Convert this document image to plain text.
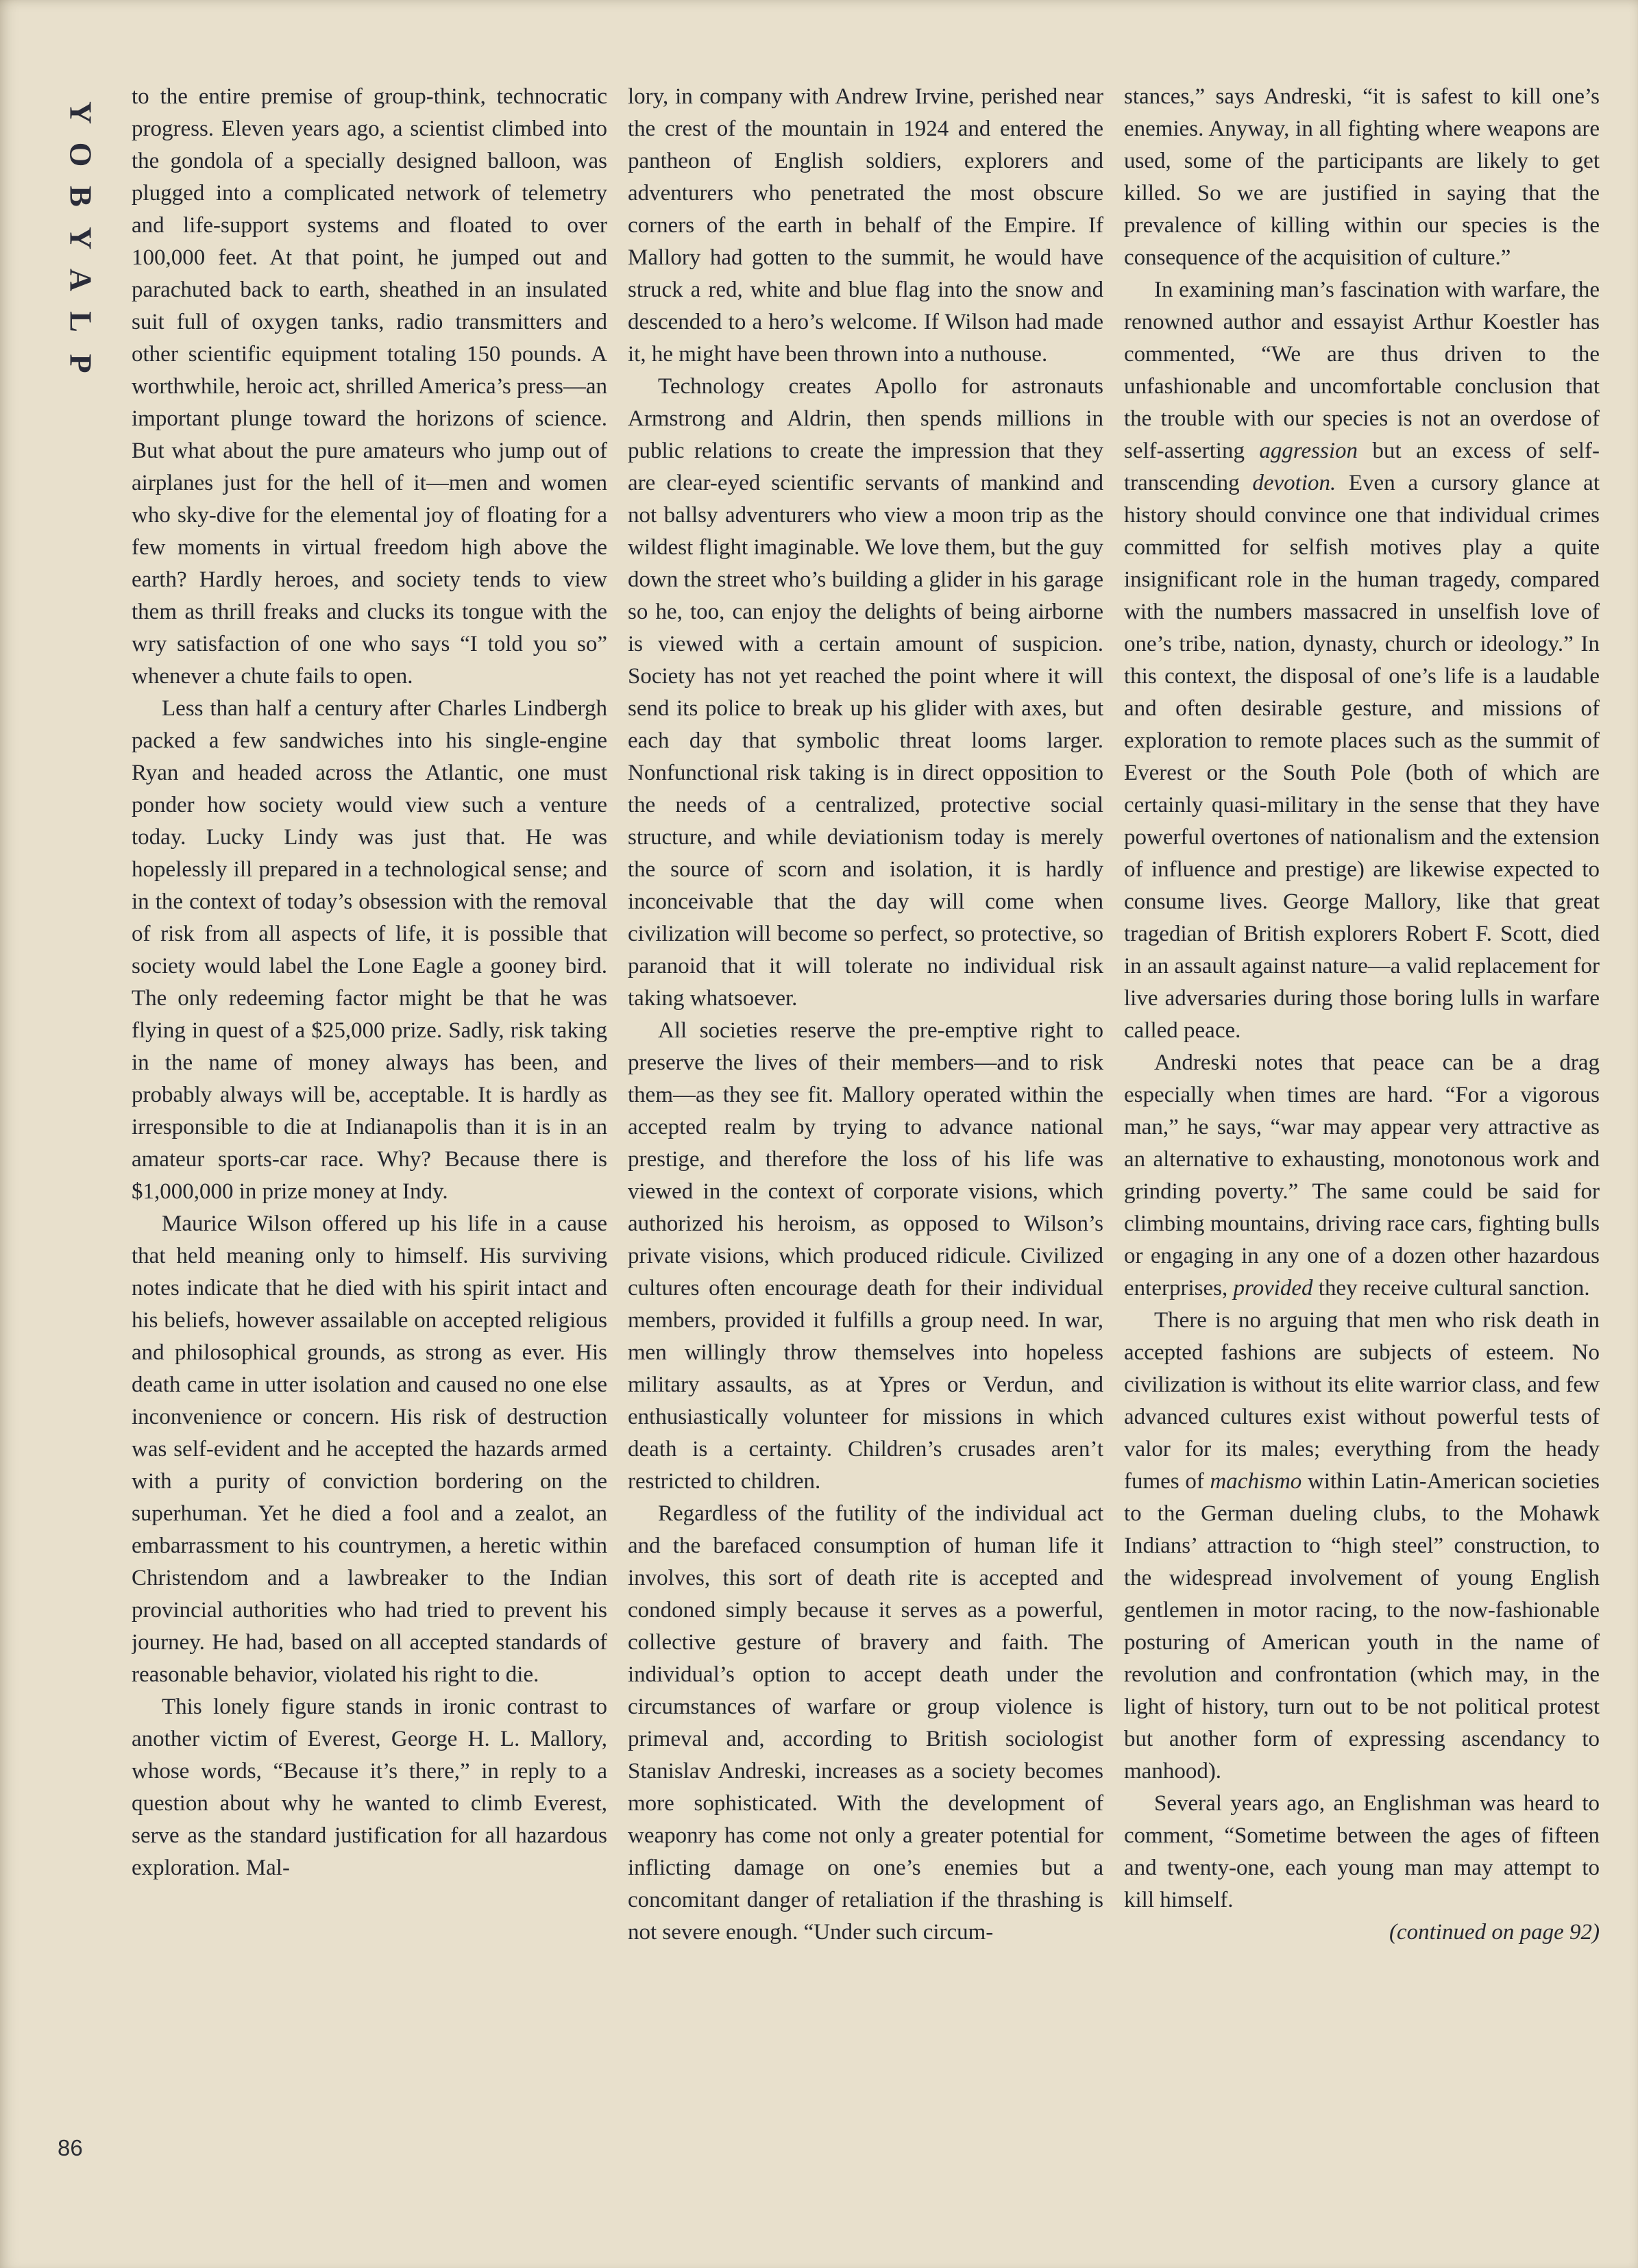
Y
O
B
Y
A
L
P

to the entire premise of group-think, technocratic progress. Eleven years ago, a scientist climbed into the gondola of a specially designed balloon, was plugged into a complicated network of telemetry and life-support systems and floated to over 100,000 feet. At that point, he jumped out and parachuted back to earth, sheathed in an insulated suit full of oxygen tanks, radio transmitters and other scientific equipment totaling 150 pounds. A worthwhile, heroic act, shrilled America’s press—an important plunge toward the horizons of science. But what about the pure amateurs who jump out of airplanes just for the hell of it—men and women who sky-dive for the elemental joy of floating for a few moments in virtual freedom high above the earth? Hardly heroes, and society tends to view them as thrill freaks and clucks its tongue with the wry satisfaction of one who says “I told you so” whenever a chute fails to open.

Less than half a century after Charles Lindbergh packed a few sandwiches into his single-engine Ryan and headed across the Atlantic, one must ponder how society would view such a venture today. Lucky Lindy was just that. He was hopelessly ill prepared in a technological sense; and in the context of today’s obsession with the removal of risk from all aspects of life, it is possible that society would label the Lone Eagle a gooney bird. The only redeeming factor might be that he was flying in quest of a $25,000 prize. Sadly, risk taking in the name of money always has been, and probably always will be, acceptable. It is hardly as irresponsible to die at Indianapolis than it is in an amateur sports-car race. Why? Because there is $1,000,000 in prize money at Indy.

Maurice Wilson offered up his life in a cause that held meaning only to himself. His surviving notes indicate that he died with his spirit intact and his beliefs, however assailable on accepted religious and philosophical grounds, as strong as ever. His death came in utter isolation and caused no one else inconvenience or concern. His risk of destruction was self-evident and he accepted the hazards armed with a purity of conviction bordering on the superhuman. Yet he died a fool and a zealot, an embarrassment to his countrymen, a heretic within Christendom and a lawbreaker to the Indian provincial authorities who had tried to prevent his journey. He had, based on all accepted standards of reasonable behavior, violated his right to die.

This lonely figure stands in ironic contrast to another victim of Everest, George H. L. Mallory, whose words, “Because it’s there,” in reply to a question about why he wanted to climb Everest, serve as the standard justification for all hazardous exploration. Mal-

lory, in company with Andrew Irvine, perished near the crest of the mountain in 1924 and entered the pantheon of English soldiers, explorers and adventurers who penetrated the most obscure corners of the earth in behalf of the Empire. If Mallory had gotten to the summit, he would have struck a red, white and blue flag into the snow and descended to a hero’s welcome. If Wilson had made it, he might have been thrown into a nuthouse.

Technology creates Apollo for astronauts Armstrong and Aldrin, then spends millions in public relations to create the impression that they are clear-eyed scientific servants of mankind and not ballsy adventurers who view a moon trip as the wildest flight imaginable. We love them, but the guy down the street who’s building a glider in his garage so he, too, can enjoy the delights of being airborne is viewed with a certain amount of suspicion. Society has not yet reached the point where it will send its police to break up his glider with axes, but each day that symbolic threat looms larger. Nonfunctional risk taking is in direct opposition to the needs of a centralized, protective social structure, and while deviationism today is merely the source of scorn and isolation, it is hardly inconceivable that the day will come when civilization will become so perfect, so protective, so paranoid that it will tolerate no individual risk taking whatsoever.

All societies reserve the pre-emptive right to preserve the lives of their members—and to risk them—as they see fit. Mallory operated within the accepted realm by trying to advance national prestige, and therefore the loss of his life was viewed in the context of corporate visions, which authorized his heroism, as opposed to Wilson’s private visions, which produced ridicule. Civilized cultures often encourage death for their individual members, provided it fulfills a group need. In war, men willingly throw themselves into hopeless military assaults, as at Ypres or Verdun, and enthusiastically volunteer for missions in which death is a certainty. Children’s crusades aren’t restricted to children.

Regardless of the futility of the individual act and the barefaced consumption of human life it involves, this sort of death rite is accepted and condoned simply because it serves as a powerful, collective gesture of bravery and faith. The individual’s option to accept death under the circumstances of warfare or group violence is primeval and, according to British sociologist Stanislav Andreski, increases as a society becomes more sophisticated. With the development of weaponry has come not only a greater potential for inflicting damage on one’s enemies but a concomitant danger of retaliation if the thrashing is not severe enough. “Under such circum-

stances,” says Andreski, “it is safest to kill one’s enemies. Anyway, in all fighting where weapons are used, some of the participants are likely to get killed. So we are justified in saying that the prevalence of killing within our species is the consequence of the acquisition of culture.”

In examining man’s fascination with warfare, the renowned author and essayist Arthur Koestler has commented, “We are thus driven to the unfashionable and uncomfortable conclusion that the trouble with our species is not an overdose of self-asserting aggression but an excess of self-transcending devotion. Even a cursory glance at history should convince one that individual crimes committed for selfish motives play a quite insignificant role in the human tragedy, compared with the numbers massacred in unselfish love of one’s tribe, nation, dynasty, church or ideology.” In this context, the disposal of one’s life is a laudable and often desirable gesture, and missions of exploration to remote places such as the summit of Everest or the South Pole (both of which are certainly quasi-military in the sense that they have powerful overtones of nationalism and the extension of influence and prestige) are likewise expected to consume lives. George Mallory, like that great tragedian of British explorers Robert F. Scott, died in an assault against nature—a valid replacement for live adversaries during those boring lulls in warfare called peace.

Andreski notes that peace can be a drag especially when times are hard. “For a vigorous man,” he says, “war may appear very attractive as an alternative to exhausting, monotonous work and grinding poverty.” The same could be said for climbing mountains, driving race cars, fighting bulls or engaging in any one of a dozen other hazardous enterprises, provided they receive cultural sanction.

There is no arguing that men who risk death in accepted fashions are subjects of esteem. No civilization is without its elite warrior class, and few advanced cultures exist without powerful tests of valor for its males; everything from the heady fumes of machismo within Latin-American societies to the German dueling clubs, to the Mohawk Indians’ attraction to “high steel” construction, to the widespread involvement of young English gentlemen in motor racing, to the now-fashionable posturing of American youth in the name of revolution and confrontation (which may, in the light of history, turn out to be not political protest but another form of expressing ascendancy to manhood).

Several years ago, an Englishman was heard to comment, “Sometime between the ages of fifteen and twenty-one, each young man may attempt to kill himself.

(continued on page 92)
86
